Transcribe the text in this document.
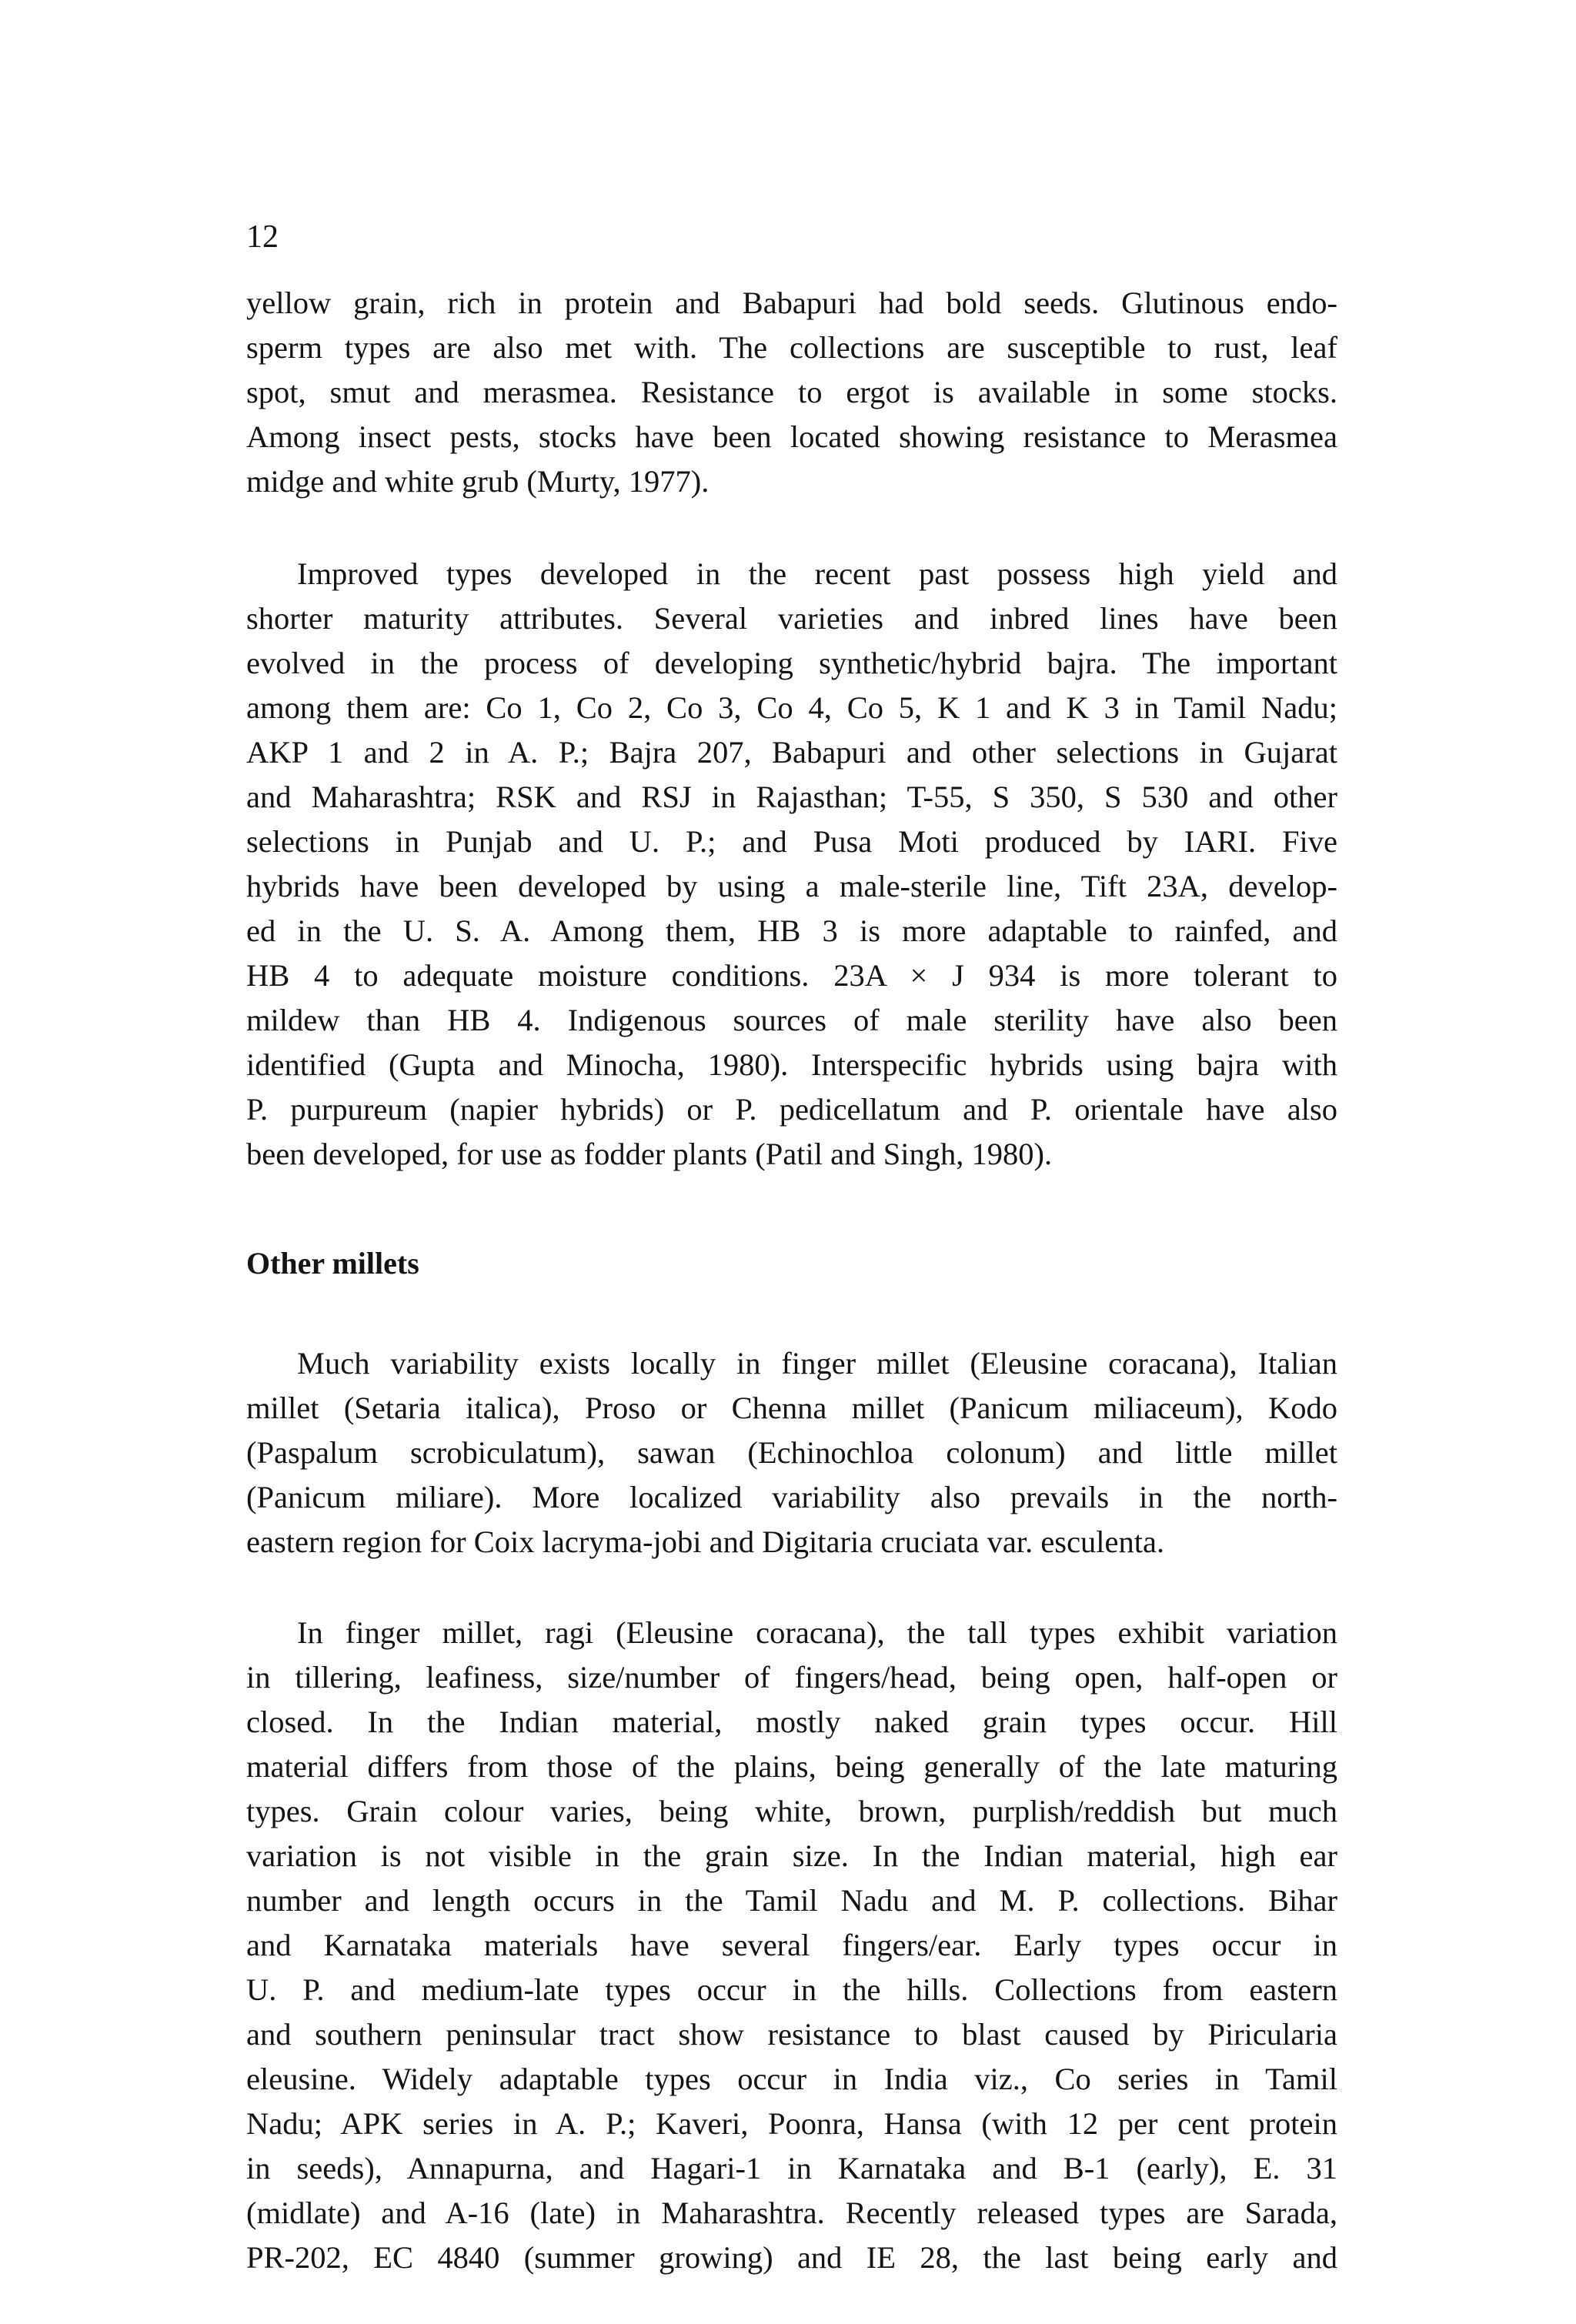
12

yellow grain, rich in protein and Babapuri had bold seeds. Glutinous endo-
sperm types are also met with. The collections are susceptible to rust, leaf
spot, smut and merasmea. Resistance to ergot is available in some stocks.
Among insect pests, stocks have been located showing resistance to Merasmea
midge and white grub (Murty, 1977).

Improved types developed in the recent past possess high yield and
shorter maturity attributes. Several varieties and inbred lines have been
evolved in the process of developing synthetic/hybrid bajra. The important
among them are: Co 1, Co 2, Co 3, Co 4, Co 5, K 1 and K 3 in Tamil Nadu;
AKP 1 and 2 in A. P.; Bajra 207, Babapuri and other selections in Gujarat
and Maharashtra; RSK and RSJ in Rajasthan; T-55, S 350, S 530 and other
selections in Punjab and U. P.; and Pusa Moti produced by IARI. Five
hybrids have been developed by using a male-sterile line, Tift 23A, develop-
ed in the U. S. A. Among them, HB 3 is more adaptable to rainfed, and
HB 4 to adequate moisture conditions. 23A × J 934 is more tolerant to
mildew than HB 4. Indigenous sources of male sterility have also been
identified (Gupta and Minocha, 1980). Interspecific hybrids using bajra with
P. purpureum (napier hybrids) or P. pedicellatum and P. orientale have also
been developed, for use as fodder plants (Patil and Singh, 1980).

Other millets

Much variability exists locally in finger millet (Eleusine coracana), Italian
millet (Setaria italica), Proso or Chenna millet (Panicum miliaceum), Kodo
(Paspalum scrobiculatum), sawan (Echinochloa colonum) and little millet
(Panicum miliare). More localized variability also prevails in the north-
eastern region for Coix lacryma-jobi and Digitaria cruciata var. esculenta.

In finger millet, ragi (Eleusine coracana), the tall types exhibit variation
in tillering, leafiness, size/number of fingers/head, being open, half-open or
closed. In the Indian material, mostly naked grain types occur. Hill
material differs from those of the plains, being generally of the late maturing
types. Grain colour varies, being white, brown, purplish/reddish but much
variation is not visible in the grain size. In the Indian material, high ear
number and length occurs in the Tamil Nadu and M. P. collections. Bihar
and Karnataka materials have several fingers/ear. Early types occur in
U. P. and medium-late types occur in the hills. Collections from eastern
and southern peninsular tract show resistance to blast caused by Piricularia
eleusine. Widely adaptable types occur in India viz., Co series in Tamil
Nadu; APK series in A. P.; Kaveri, Poonra, Hansa (with 12 per cent protein
in seeds), Annapurna, and Hagari-1 in Karnataka and B-1 (early), E. 31
(midlate) and A-16 (late) in Maharashtra. Recently released types are Sarada,
PR-202, EC 4840 (summer growing) and IE 28, the last being early and
